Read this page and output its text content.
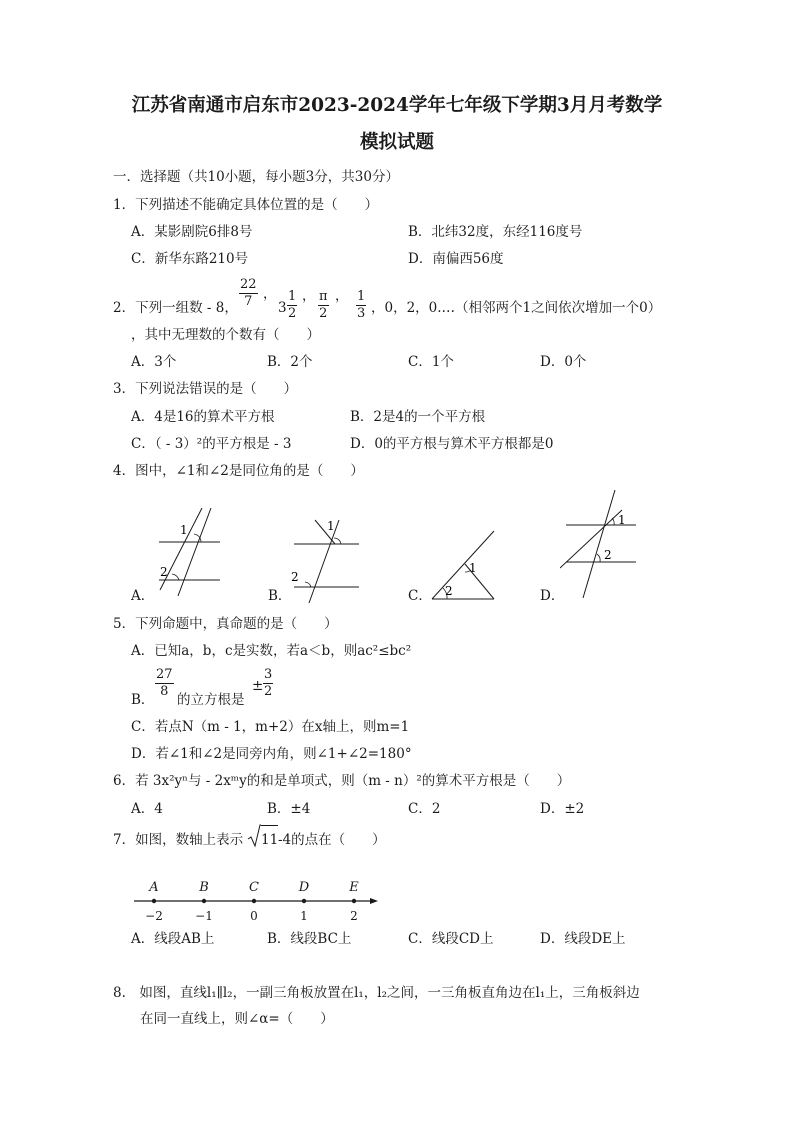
江苏省南通市启东市2023-2024学年七年级下学期3月月考数学
模拟试题
一．选择题（共10小题，每小题3分，共30分）
1．下列描述不能确定具体位置的是（　　）
A．某影剧院6排8号	B．北纬32度，东经116度号
C．新华东路210号	D．南偏西56度
2．下列一组数 - 8， $\frac{22}{7}$ ，
$3 \frac{1}{2}$ ， $\frac{\pi}{2}$ ， $\frac{1}{3}$ ，0，2，0.…（相邻两个1之间依次增加一个0）
，其中无理数的个数有（　　）
A．3个	B．2个	C．1个	D．0个
3．下列说法错误的是（　　）
A．4是16的算术平方根	B．2是4的一个平方根
C．（ - 3）²的平方根是 - 3	D．0的平方根与算术平方根都是0
4．图中，∠1和∠2是同位角的是（　　）
A．
1
2
B．
1
2
C．
1
2	D．
1
2
5．下列命题中，真命题的是（　　）
A．已知a，b，c是实数，若a＜b，则ac²≤bc²
B．
$\frac{27}{8}$
的立方根是
± $\frac{3}{2}$
C．若点N（m - 1，m+2）在x轴上，则m=1
D．若∠1和∠2是同旁内角，则∠1+∠2=180°
6．若 3x²yⁿ与 - 2xᵐy的和是单项式，则（m - n）²的算术平方根是（　　）
A．4	B．±4	C．2	D．±2
7．如图，数轴上表示 11 -4的点在（　　）
A
−2
B
−1
C
0
D
1
E
2
A．线段AB上	B．线段BC上	C．线段CD上	D．线段DE上
8.　如图，直线l₁∥l₂，一副三角板放置在l₁，l₂之间，一三角板直角边在l₁上，三角板斜边
在同一直线上，则∠α=（　　）
